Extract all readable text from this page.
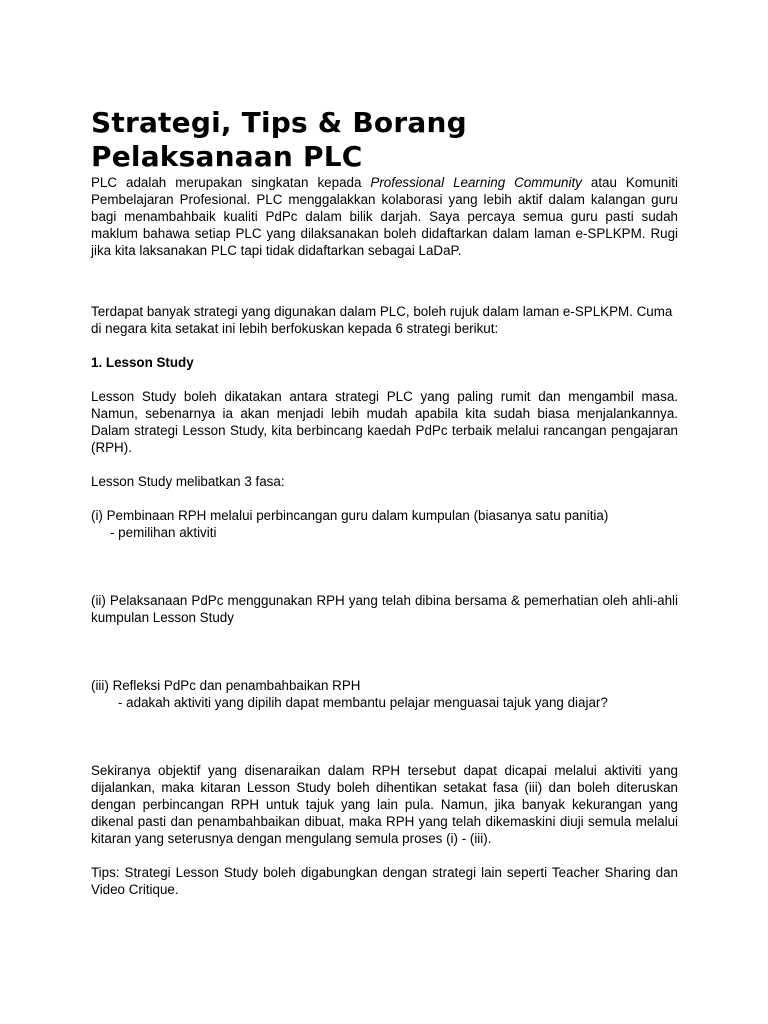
Strategi, Tips & Borang Pelaksanaan PLC

PLC adalah merupakan singkatan kepada Professional Learning Community atau Komuniti Pembelajaran Profesional. PLC menggalakkan kolaborasi yang lebih aktif dalam kalangan guru bagi menambahbaik kualiti PdPc dalam bilik darjah. Saya percaya semua guru pasti sudah maklum bahawa setiap PLC yang dilaksanakan boleh didaftarkan dalam laman e-SPLKPM. Rugi jika kita laksanakan PLC tapi tidak didaftarkan sebagai LaDaP.

Terdapat banyak strategi yang digunakan dalam PLC, boleh rujuk dalam laman e-SPLKPM. Cuma di negara kita setakat ini lebih berfokuskan kepada 6 strategi berikut:

1. Lesson Study

Lesson Study boleh dikatakan antara strategi PLC yang paling rumit dan mengambil masa. Namun, sebenarnya ia akan menjadi lebih mudah apabila kita sudah biasa menjalankannya. Dalam strategi Lesson Study, kita berbincang kaedah PdPc terbaik melalui rancangan pengajaran (RPH).

Lesson Study melibatkan 3 fasa:

(i) Pembinaan RPH melalui perbincangan guru dalam kumpulan (biasanya satu panitia)

- pemilihan aktiviti

(ii) Pelaksanaan PdPc menggunakan RPH yang telah dibina bersama & pemerhatian oleh ahli-ahli kumpulan Lesson Study

(iii) Refleksi PdPc dan penambahbaikan RPH

- adakah aktiviti yang dipilih dapat membantu pelajar menguasai tajuk yang diajar?

Sekiranya objektif yang disenaraikan dalam RPH tersebut dapat dicapai melalui aktiviti yang dijalankan, maka kitaran Lesson Study boleh dihentikan setakat fasa (iii) dan boleh diteruskan dengan perbincangan RPH untuk tajuk yang lain pula. Namun, jika banyak kekurangan yang dikenal pasti dan penambahbaikan dibuat, maka RPH yang telah dikemaskini diuji semula melalui kitaran yang seterusnya dengan mengulang semula proses (i) - (iii).

Tips: Strategi Lesson Study boleh digabungkan dengan strategi lain seperti Teacher Sharing dan Video Critique.
